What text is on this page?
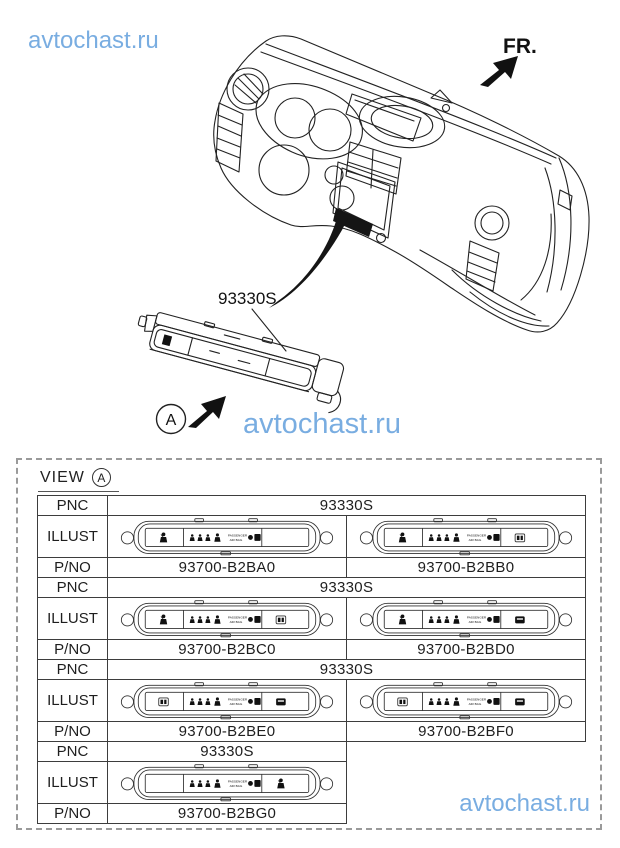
avtochast.ru	FR.
93330S
A avtochast.ru
VIEW	A
PNC	93330S
ILLUST	PASSENGER
AIR BAG
PASSENGER
AIR BAG
P/NO	93700-B2BA0	93700-B2BB0
PNC	93330S
ILLUST	PASSENGER
AIR BAG
PASSENGER
AIR BAG
P/NO	93700-B2BC0	93700-B2BD0
PNC	93330S
ILLUST	PASSENGER
AIR BAG
PASSENGER
AIR BAG
P/NO	93700-B2BE0	93700-B2BF0
PNC	93330S
ILLUST	PASSENGER
AIR BAG
P/NO	93700-B2BG0	avtochast.ru
